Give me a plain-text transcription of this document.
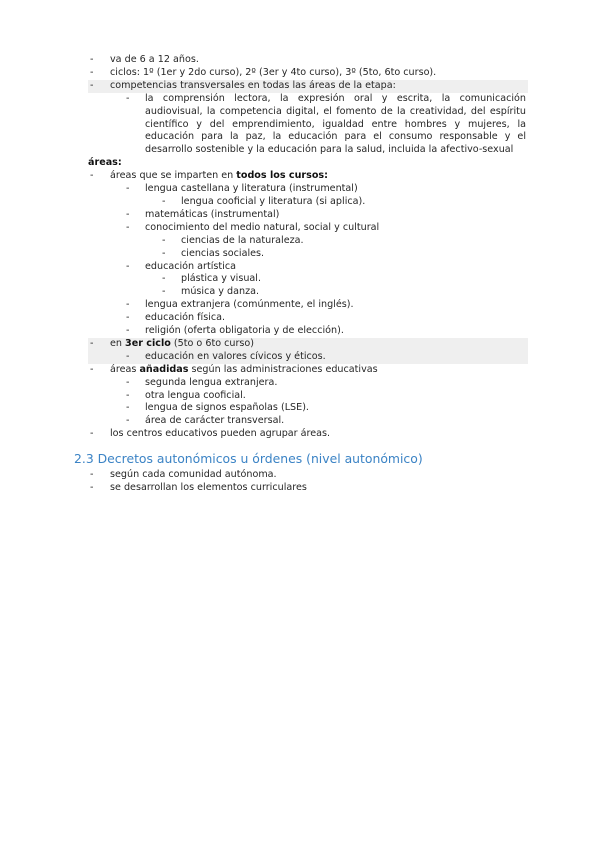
- va de 6 a 12 años.
- ciclos: 1º (1er y 2do curso), 2º (3er y 4to curso), 3º (5to, 6to curso).
- competencias transversales en todas las áreas de la etapa:
- la comprensión lectora, la expresión oral y escrita, la comunicación audiovisual, la competencia digital, el fomento de la creatividad, del espíritu científico y del emprendimiento, igualdad entre hombres y mujeres, la educación para la paz, la educación para el consumo responsable y el desarrollo sostenible y la educación para la salud, incluida la afectivo-sexual
áreas:
- áreas que se imparten en todos los cursos:
- lengua castellana y literatura (instrumental)
- lengua cooficial y literatura (si aplica).
- matemáticas (instrumental)
- conocimiento del medio natural, social y cultural
- ciencias de la naturaleza.
- ciencias sociales.
- educación artística
- plástica y visual.
- música y danza.
- lengua extranjera (comúnmente, el inglés).
- educación física.
- religión (oferta obligatoria y de elección).
- en 3er ciclo (5to o 6to curso)
- educación en valores cívicos y éticos.
- áreas añadidas según las administraciones educativas
- segunda lengua extranjera.
- otra lengua cooficial.
- lengua de signos españolas (LSE).
- área de carácter transversal.
- los centros educativos pueden agrupar áreas.
2.3 Decretos autonómicos u órdenes (nivel autonómico)
- según cada comunidad autónoma.
- se desarrollan los elementos curriculares
